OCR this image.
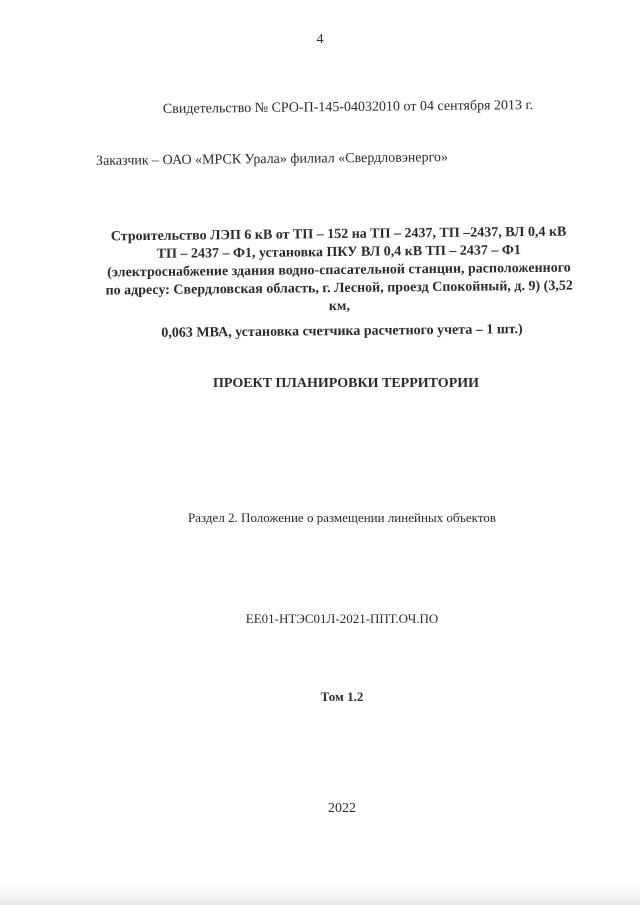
4
Свидетельство № СРО-П-145-04032010 от 04 сентября 2013 г.
Заказчик – ОАО «МРСК Урала» филиал «Свердловэнерго»
Строительство ЛЭП 6 кВ от ТП – 152 на ТП – 2437, ТП –2437, ВЛ 0,4 кВ
ТП – 2437 – Ф1, установка ПКУ ВЛ 0,4 кВ ТП – 2437 – Ф1
(электроснабжение здания водно-спасательной станции, расположенного
по адресу: Свердловская область, г. Лесной, проезд Спокойный, д. 9) (3,52
км,
0,063 МВА, установка счетчика расчетного учета – 1 шт.)
ПРОЕКТ ПЛАНИРОВКИ ТЕРРИТОРИИ
Раздел 2. Положение о размещении линейных объектов
ЕЕ01-НТЭС01Л-2021-ППТ.ОЧ.ПО
Том 1.2
2022
